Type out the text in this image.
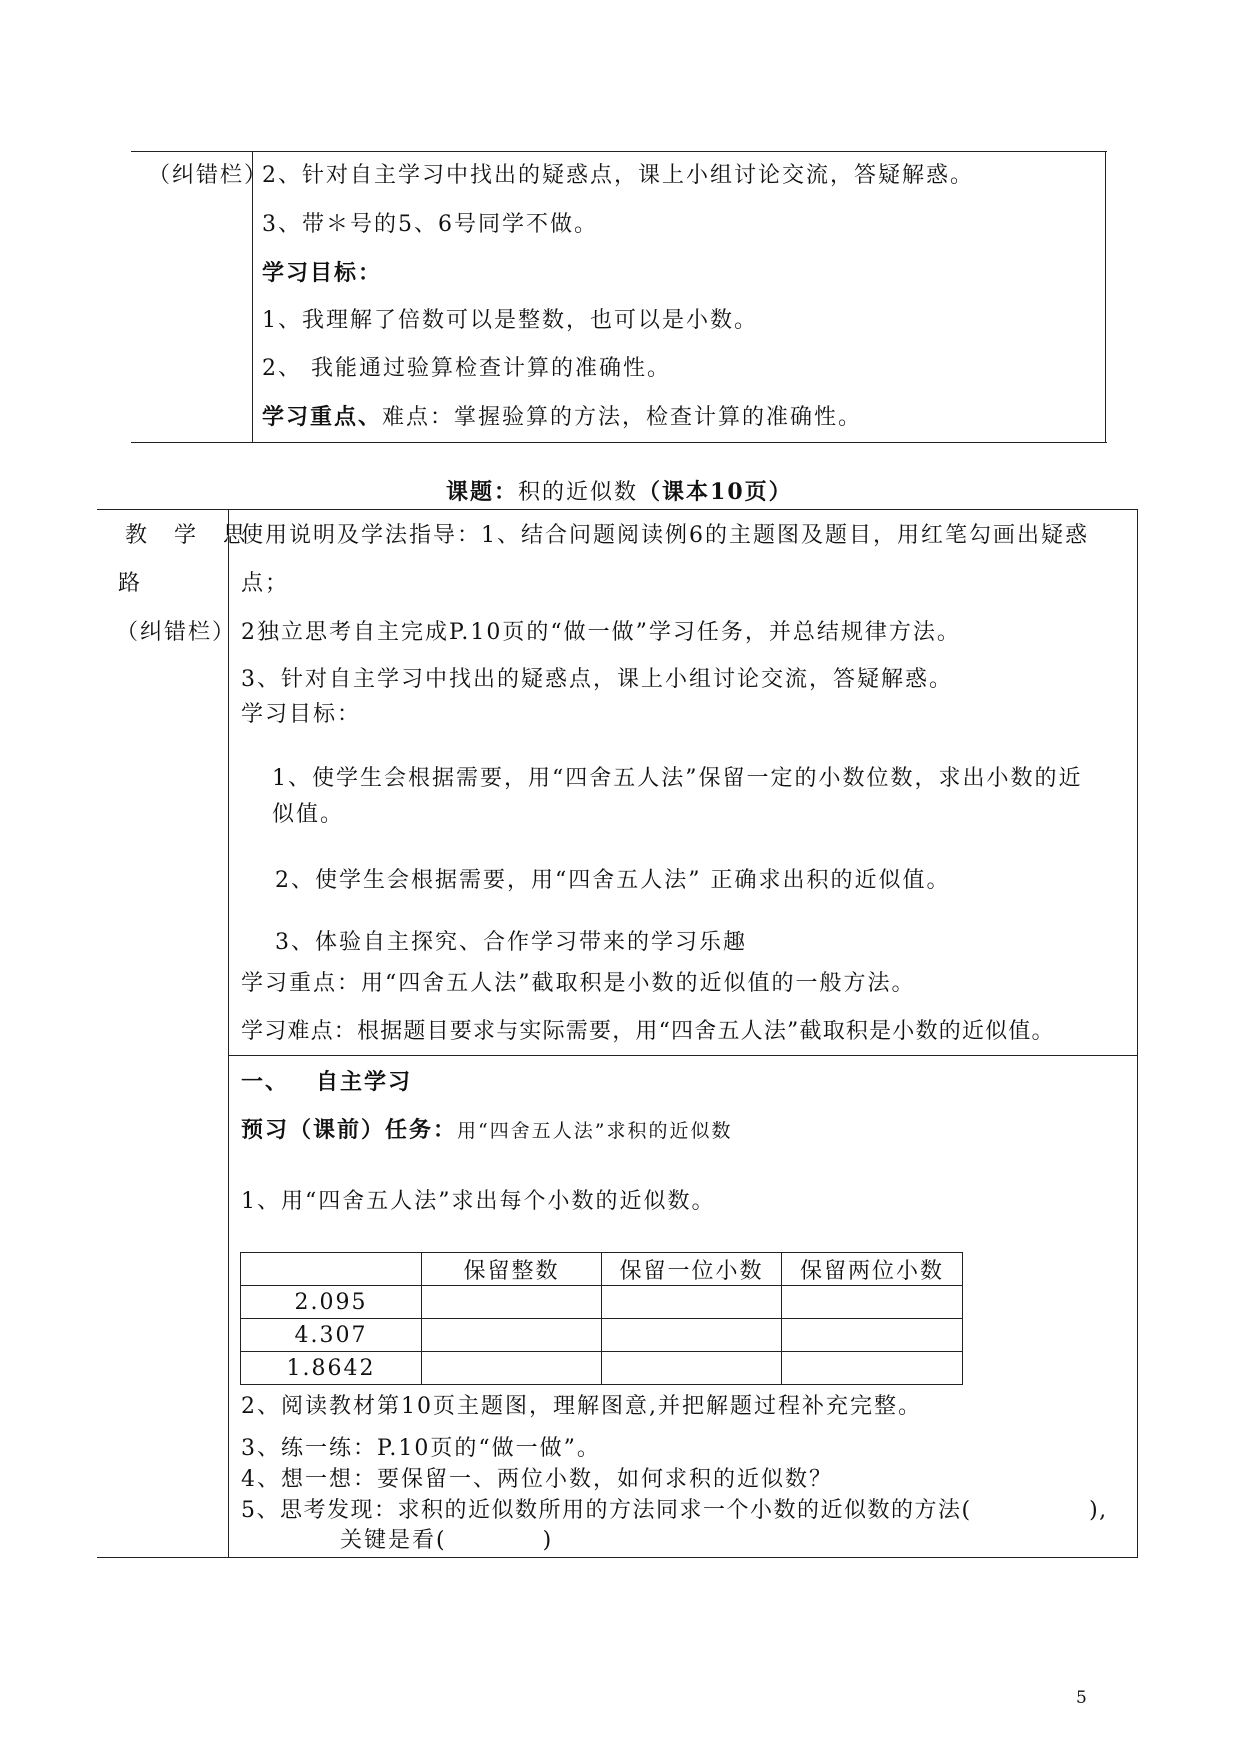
（纠错栏）
2、针对自主学习中找出的疑惑点，课上小组讨论交流，答疑解惑。
3、带＊号的5、6号同学不做。
学习目标：
1、我理解了倍数可以是整数，也可以是小数。
2、 我能通过验算检查计算的准确性。
学习重点、难点：掌握验算的方法，检查计算的准确性。
课题：积的近似数（课本10页）
教 学 思
路
（纠错栏）
使用说明及学法指导：1、结合问题阅读例6的主题图及题目，用红笔勾画出疑惑
点；
2独立思考自主完成P.10页的“做一做”学习任务，并总结规律方法。
3、针对自主学习中找出的疑惑点，课上小组讨论交流，答疑解惑。
学习目标：
1、使学生会根据需要，用“四舍五人法”保留一定的小数位数，求出小数的近
似值。
2、使学生会根据需要，用“四舍五人法” 正确求出积的近似值。
3、体验自主探究、合作学习带来的学习乐趣
学习重点：用“四舍五人法”截取积是小数的近似值的一般方法。
学习难点：根据题目要求与实际需要，用“四舍五人法”截取积是小数的近似值。
一、 自主学习
预习（课前）任务：用“四舍五人法”求积的近似数
1、用“四舍五人法”求出每个小数的近似数。
	保留整数	保留一位小数	保留两位小数
2.095			
4.307			
1.8642			
2、阅读教材第10页主题图，理解图意,并把解题过程补充完整。
3、练一练：P.10页的“做一做”。
4、想一想：要保留一、两位小数，如何求积的近似数？
5、思考发现：求积的近似数所用的方法同求一个小数的近似数的方法(　　　　　),
关键是看(　　　　)
5
